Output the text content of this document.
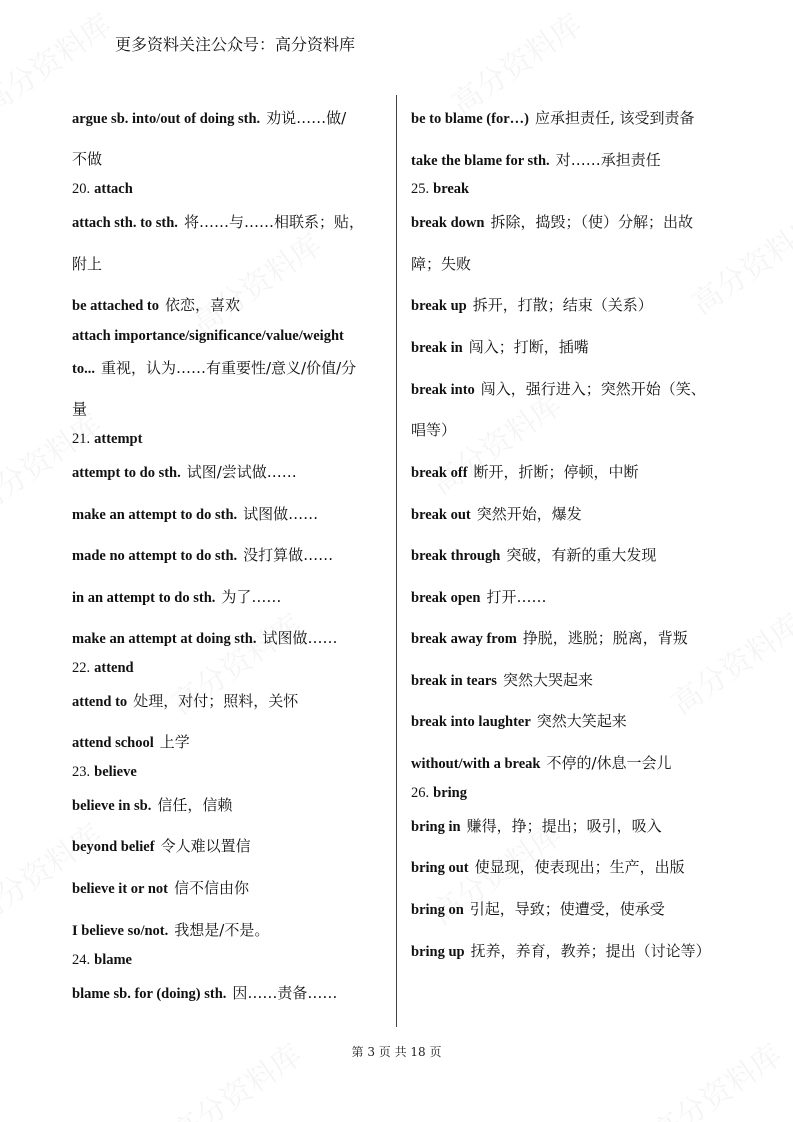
更多资料关注公众号：高分资料库
argue sb. into/out of doing sth. 劝说……做/
不做
20. attach
attach sth. to sth. 将……与……相联系；贴，
附上
be attached to 依恋，喜欢
attach importance/significance/value/weight
to... 重视，认为……有重要性/意义/价值/分
量
21. attempt
attempt to do sth. 试图/尝试做……
make an attempt to do sth. 试图做……
made no attempt to do sth. 没打算做……
in an attempt to do sth. 为了……
make an attempt at doing sth. 试图做……
22. attend
attend to 处理，对付；照料，关怀
attend school 上学
23. believe
believe in sb. 信任，信赖
beyond belief 令人难以置信
believe it or not 信不信由你
I believe so/not. 我想是/不是。
24. blame
blame sb. for (doing) sth. 因……责备……
be to blame (for…) 应承担责任, 该受到责备
take the blame for sth. 对……承担责任
25. break
break down 拆除，捣毁；（使）分解；出故
障；失败
break up 拆开，打散；结束（关系）
break in 闯入；打断，插嘴
break into 闯入，强行进入；突然开始（笑、
唱等）
break off 断开，折断；停顿，中断
break out 突然开始，爆发
break through 突破，有新的重大发现
break open 打开……
break away from 挣脱，逃脱；脱离，背叛
break in tears 突然大哭起来
break into laughter 突然大笑起来
without/with a break 不停的/休息一会儿
26. bring
bring in 赚得，挣；提出；吸引，吸入
bring out 使显现，使表现出；生产，出版
bring on 引起，导致；使遭受，使承受
bring up 抚养，养育，教养；提出（讨论等）
第 3 页 共 18 页
